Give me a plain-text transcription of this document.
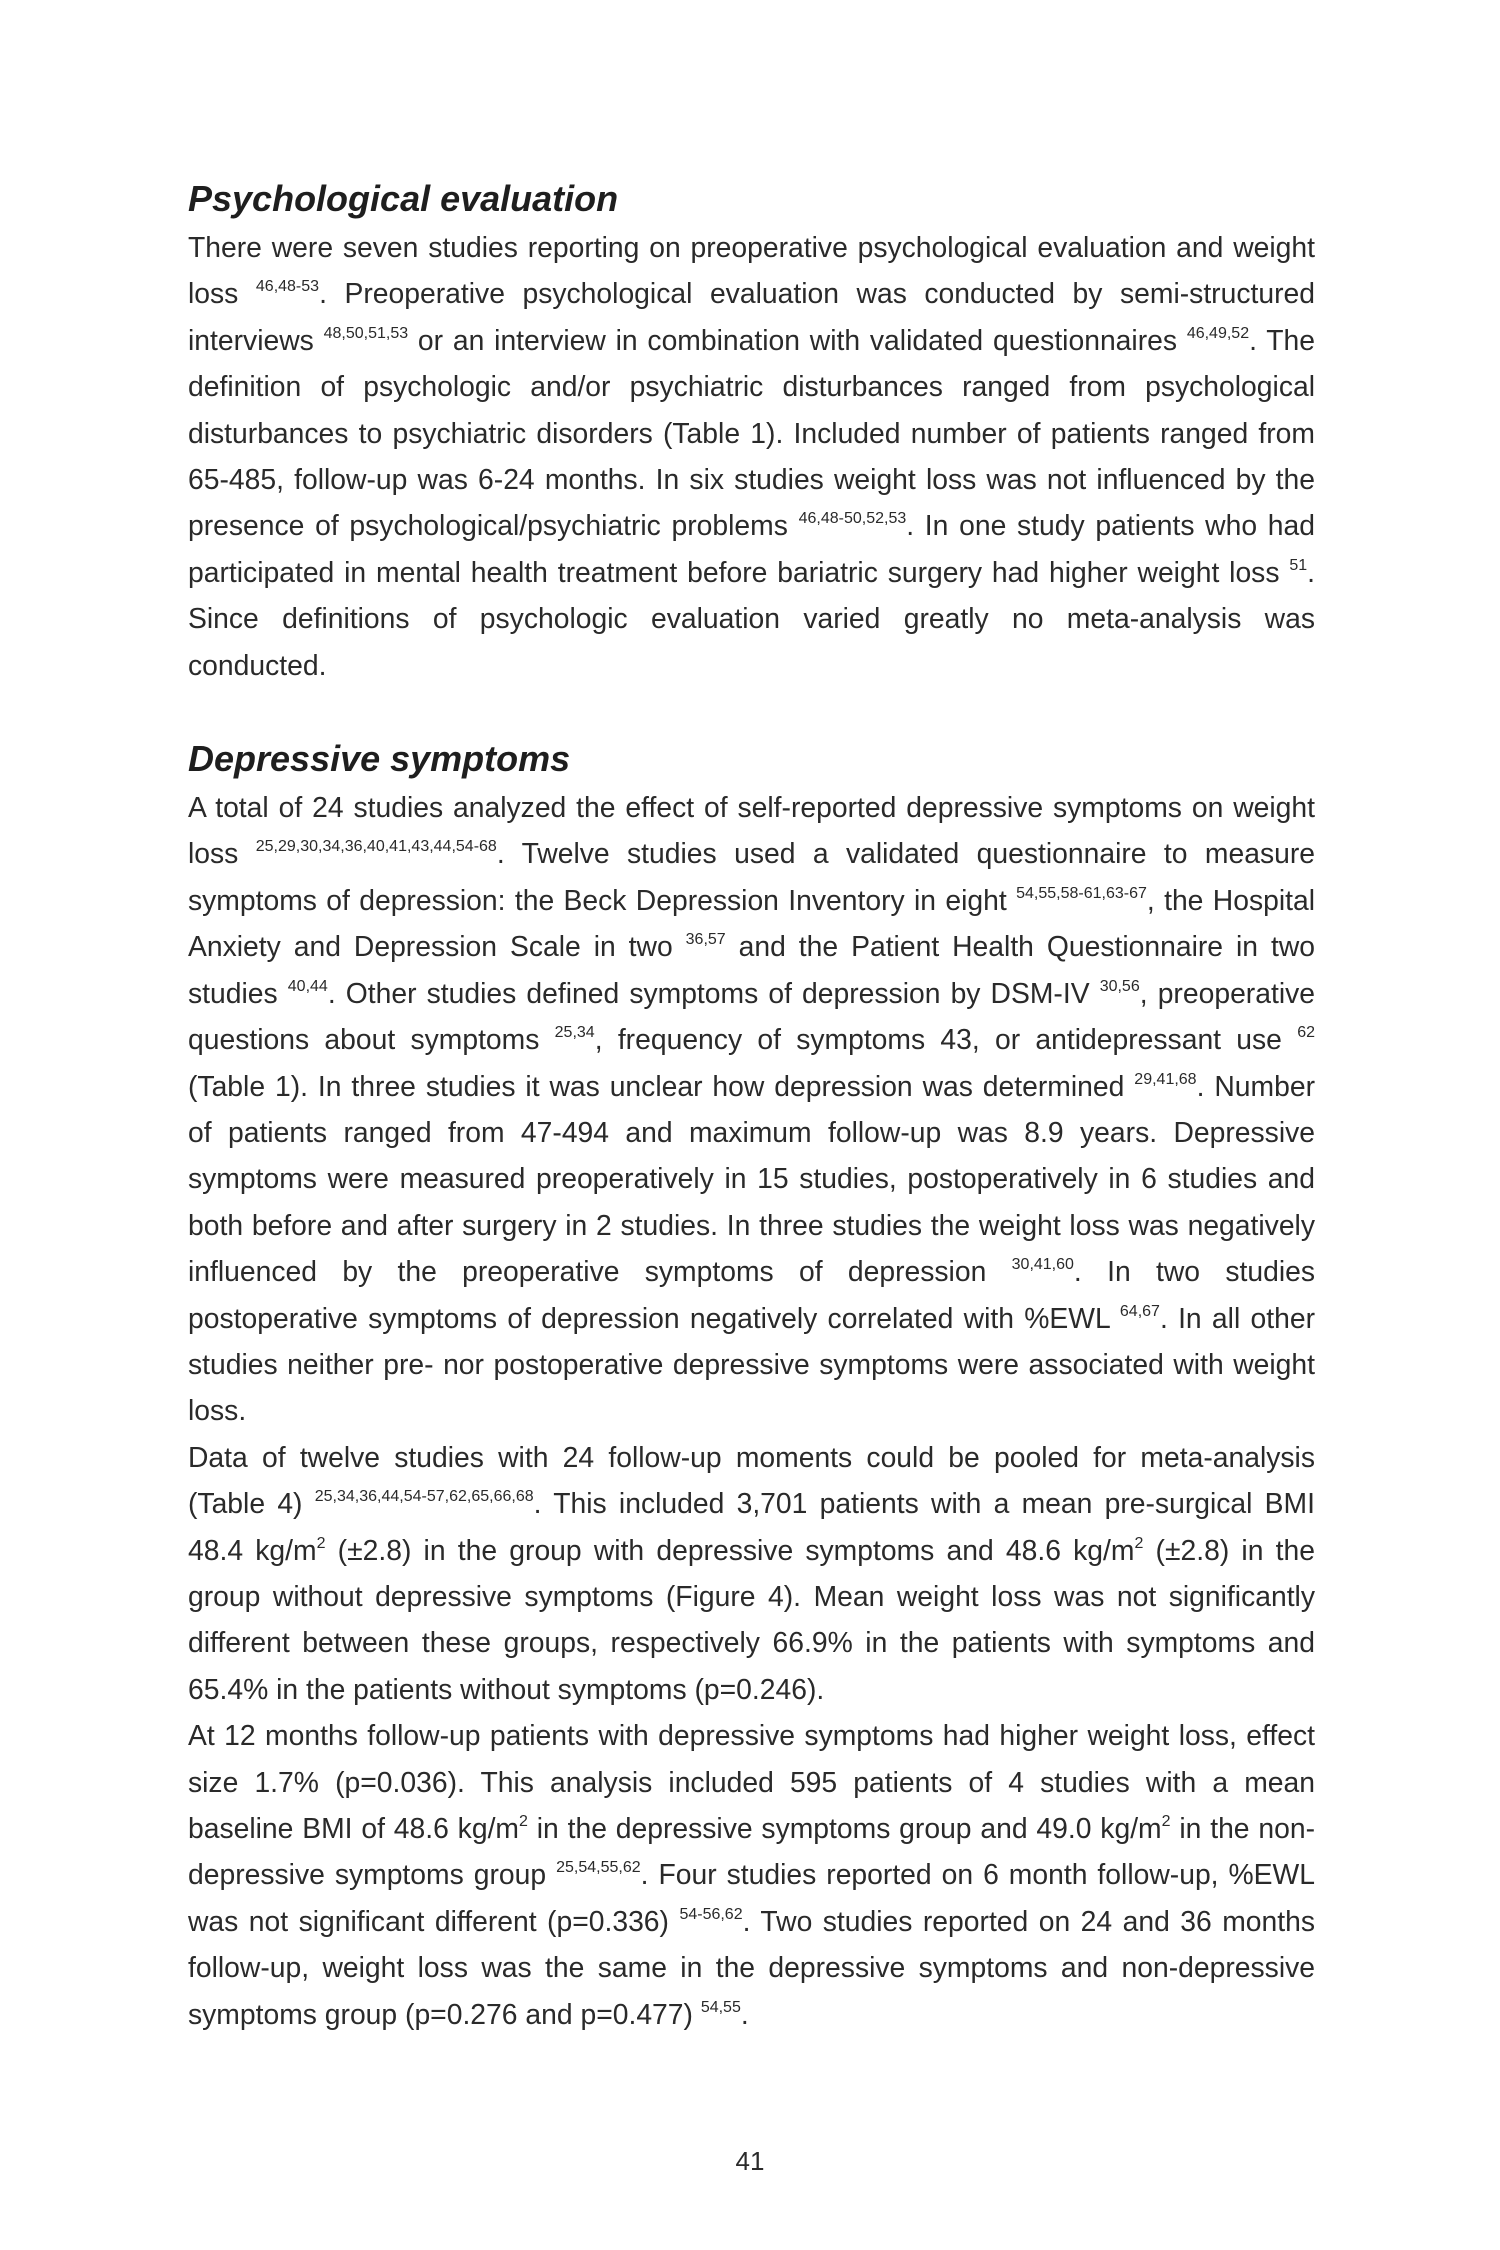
Psychological evaluation

There were seven studies reporting on preoperative psychological evaluation and weight loss $^{46,48-53}$. Preoperative psychological evaluation was conducted by semi-structured interviews $^{48,50,51,53}$ or an interview in combination with validated questionnaires $^{46,49,52}$. The definition of psychologic and/or psychiatric disturbances ranged from psychological disturbances to psychiatric disorders (Table 1). Included number of patients ranged from 65-485, follow-up was 6-24 months. In six studies weight loss was not influenced by the presence of psychological/psychiatric problems $^{46,48-50,52,53}$. In one study patients who had participated in mental health treatment before bariatric surgery had higher weight loss $^{51}$. Since definitions of psychologic evaluation varied greatly no meta-analysis was conducted.

Depressive symptoms

A total of 24 studies analyzed the effect of self-reported depressive symptoms on weight loss $^{25,29,30,34,36,40,41,43,44,54-68}$. Twelve studies used a validated questionnaire to measure symptoms of depression: the Beck Depression Inventory in eight $^{54,55,58-61,63-67}$, the Hospital Anxiety and Depression Scale in two $^{36,57}$ and the Patient Health Questionnaire in two studies $^{40,44}$. Other studies defined symptoms of depression by DSM-IV $^{30,56}$, preoperative questions about symptoms $^{25,34}$, frequency of symptoms 43, or antidepressant use $^{62}$ (Table 1). In three studies it was unclear how depression was determined $^{29,41,68}$. Number of patients ranged from 47-494 and maximum follow-up was 8.9 years. Depressive symptoms were measured preoperatively in 15 studies, postoperatively in 6 studies and both before and after surgery in 2 studies. In three studies the weight loss was negatively influenced by the preoperative symptoms of depression $^{30,41,60}$. In two studies postoperative symptoms of depression negatively correlated with %EWL $^{64,67}$. In all other studies neither pre- nor postoperative depressive symptoms were associated with weight loss.

Data of twelve studies with 24 follow-up moments could be pooled for meta-analysis (Table 4) $^{25,34,36,44,54-57,62,65,66,68}$. This included 3,701 patients with a mean pre-surgical BMI 48.4 $kg/m^2$ (±2.8) in the group with depressive symptoms and 48.6 $kg/m^2$ (±2.8) in the group without depressive symptoms (Figure 4). Mean weight loss was not significantly different between these groups, respectively 66.9% in the patients with symptoms and 65.4% in the patients without symptoms (p=0.246).

At 12 months follow-up patients with depressive symptoms had higher weight loss, effect size 1.7% (p=0.036). This analysis included 595 patients of 4 studies with a mean baseline BMI of 48.6 $kg/m^2$ in the depressive symptoms group and 49.0 $kg/m^2$ in the non-depressive symptoms group $^{25,54,55,62}$. Four studies reported on 6 month follow-up, %EWL was not significant different (p=0.336) $^{54-56,62}$. Two studies reported on 24 and 36 months follow-up, weight loss was the same in the depressive symptoms and non-depressive symptoms group (p=0.276 and p=0.477) $^{54,55}$.

41
